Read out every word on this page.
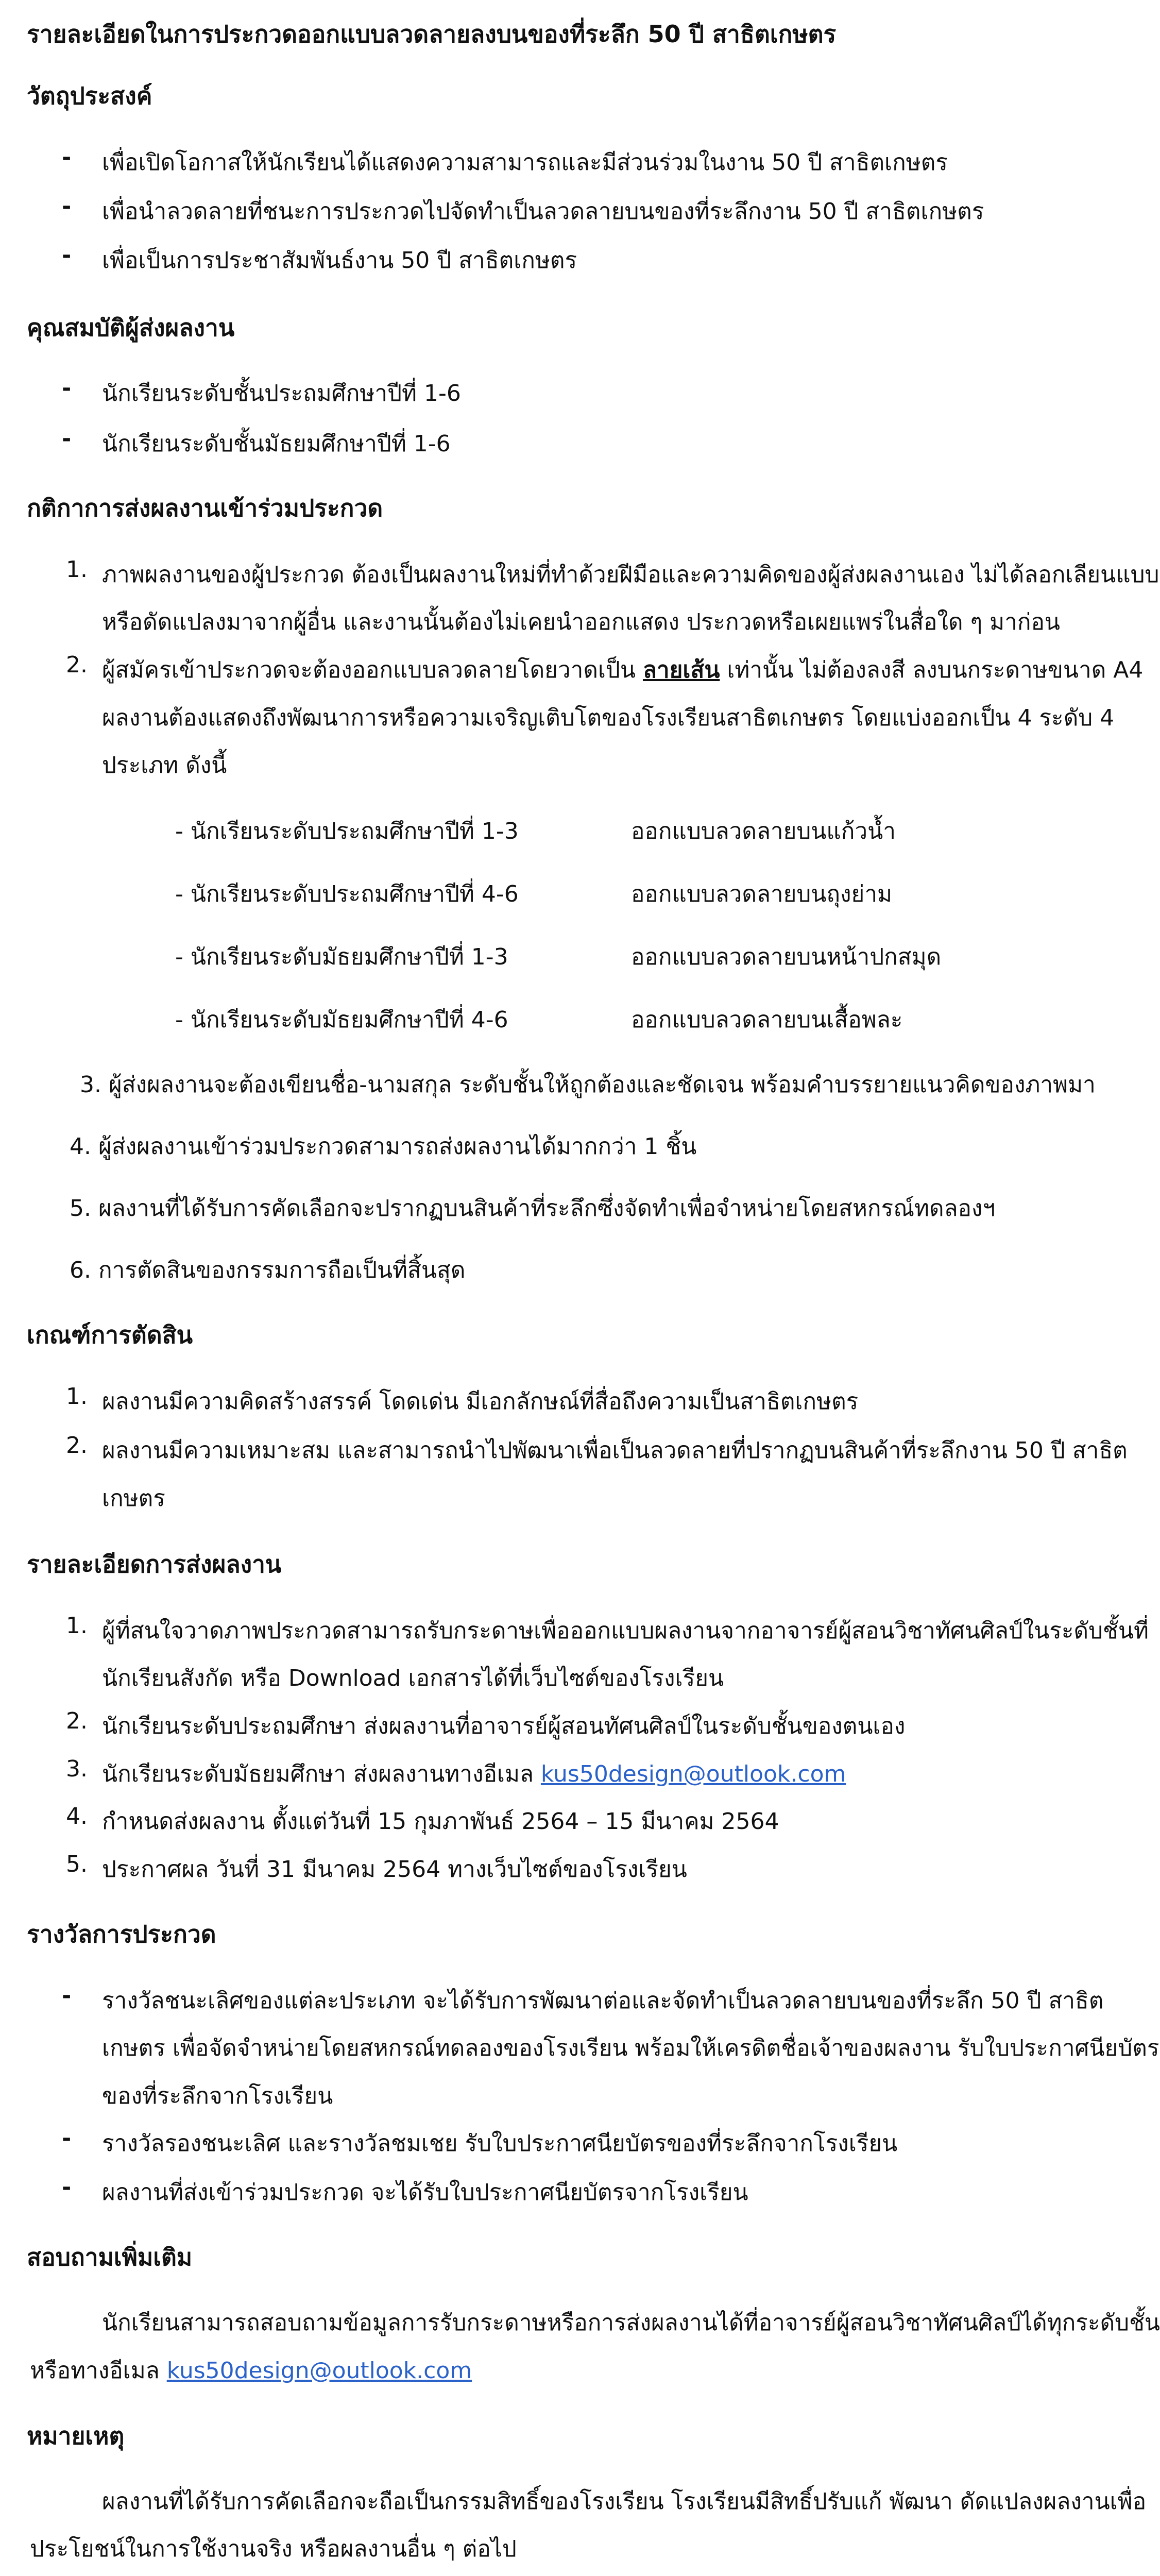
รายละเอียดในการประกวดออกแบบลวดลายลงบนของที่ระลึก 50 ปี สาธิตเกษตร
วัตถุประสงค์
- เพื่อเปิดโอกาสให้นักเรียนได้แสดงความสามารถและมีส่วนร่วมในงาน 50 ปี สาธิตเกษตร
- เพื่อนำลวดลายที่ชนะการประกวดไปจัดทำเป็นลวดลายบนของที่ระลึกงาน 50 ปี สาธิตเกษตร
- เพื่อเป็นการประชาสัมพันธ์งาน 50 ปี สาธิตเกษตร
คุณสมบัติผู้ส่งผลงาน
- นักเรียนระดับชั้นประถมศึกษาปีที่ 1-6
- นักเรียนระดับชั้นมัธยมศึกษาปีที่ 1-6
กติกาการส่งผลงานเข้าร่วมประกวด
1. ภาพผลงานของผู้ประกวด ต้องเป็นผลงานใหม่ที่ทำด้วยฝีมือและความคิดของผู้ส่งผลงานเอง ไม่ได้ลอกเลียนแบบ
หรือดัดแปลงมาจากผู้อื่น และงานนั้นต้องไม่เคยนำออกแสดง ประกวดหรือเผยแพร่ในสื่อใด ๆ มาก่อน
2. ผู้สมัครเข้าประกวดจะต้องออกแบบลวดลายโดยวาดเป็น ลายเส้น เท่านั้น ไม่ต้องลงสี ลงบนกระดาษขนาด A4
ผลงานต้องแสดงถึงพัฒนาการหรือความเจริญเติบโตของโรงเรียนสาธิตเกษตร โดยแบ่งออกเป็น 4 ระดับ 4
ประเภท ดังนี้
- นักเรียนระดับประถมศึกษาปีที่ 1-3	ออกแบบลวดลายบนแก้วน้ำ
- นักเรียนระดับประถมศึกษาปีที่ 4-6	ออกแบบลวดลายบนถุงย่าม
- นักเรียนระดับมัธยมศึกษาปีที่ 1-3	ออกแบบลวดลายบนหน้าปกสมุด
- นักเรียนระดับมัธยมศึกษาปีที่ 4-6	ออกแบบลวดลายบนเสื้อพละ
3. ผู้ส่งผลงานจะต้องเขียนชื่อ-นามสกุล ระดับชั้นให้ถูกต้องและชัดเจน พร้อมคำบรรยายแนวคิดของภาพมา
4. ผู้ส่งผลงานเข้าร่วมประกวดสามารถส่งผลงานได้มากกว่า 1 ชิ้น
5. ผลงานที่ได้รับการคัดเลือกจะปรากฏบนสินค้าที่ระลึกซึ่งจัดทำเพื่อจำหน่ายโดยสหกรณ์ทดลองฯ
6. การตัดสินของกรรมการถือเป็นที่สิ้นสุด
เกณฑ์การตัดสิน
1. ผลงานมีความคิดสร้างสรรค์ โดดเด่น มีเอกลักษณ์ที่สื่อถึงความเป็นสาธิตเกษตร
2. ผลงานมีความเหมาะสม และสามารถนำไปพัฒนาเพื่อเป็นลวดลายที่ปรากฏบนสินค้าที่ระลึกงาน 50 ปี สาธิต
เกษตร
รายละเอียดการส่งผลงาน
1. ผู้ที่สนใจวาดภาพประกวดสามารถรับกระดาษเพื่อออกแบบผลงานจากอาจารย์ผู้สอนวิชาทัศนศิลป์ในระดับชั้นที่
นักเรียนสังกัด หรือ Download เอกสารได้ที่เว็บไซต์ของโรงเรียน
2. นักเรียนระดับประถมศึกษา ส่งผลงานที่อาจารย์ผู้สอนทัศนศิลป์ในระดับชั้นของตนเอง
3. นักเรียนระดับมัธยมศึกษา ส่งผลงานทางอีเมล kus50design@outlook.com
4. กำหนดส่งผลงาน ตั้งแต่วันที่ 15 กุมภาพันธ์ 2564 – 15 มีนาคม 2564
5. ประกาศผล วันที่ 31 มีนาคม 2564 ทางเว็บไซต์ของโรงเรียน
รางวัลการประกวด
- รางวัลชนะเลิศของแต่ละประเภท จะได้รับการพัฒนาต่อและจัดทำเป็นลวดลายบนของที่ระลึก 50 ปี สาธิต
เกษตร เพื่อจัดจำหน่ายโดยสหกรณ์ทดลองของโรงเรียน พร้อมให้เครดิตชื่อเจ้าของผลงาน รับใบประกาศนียบัตร
ของที่ระลึกจากโรงเรียน
- รางวัลรองชนะเลิศ และรางวัลชมเชย รับใบประกาศนียบัตรของที่ระลึกจากโรงเรียน
- ผลงานที่ส่งเข้าร่วมประกวด จะได้รับใบประกาศนียบัตรจากโรงเรียน
สอบถามเพิ่มเติม
นักเรียนสามารถสอบถามข้อมูลการรับกระดาษหรือการส่งผลงานได้ที่อาจารย์ผู้สอนวิชาทัศนศิลป์ได้ทุกระดับชั้น
หรือทางอีเมล kus50design@outlook.com
หมายเหตุ
ผลงานที่ได้รับการคัดเลือกจะถือเป็นกรรมสิทธิ์ของโรงเรียน โรงเรียนมีสิทธิ์ปรับแก้ พัฒนา ดัดแปลงผลงานเพื่อ
ประโยชน์ในการใช้งานจริง หรือผลงานอื่น ๆ ต่อไป
